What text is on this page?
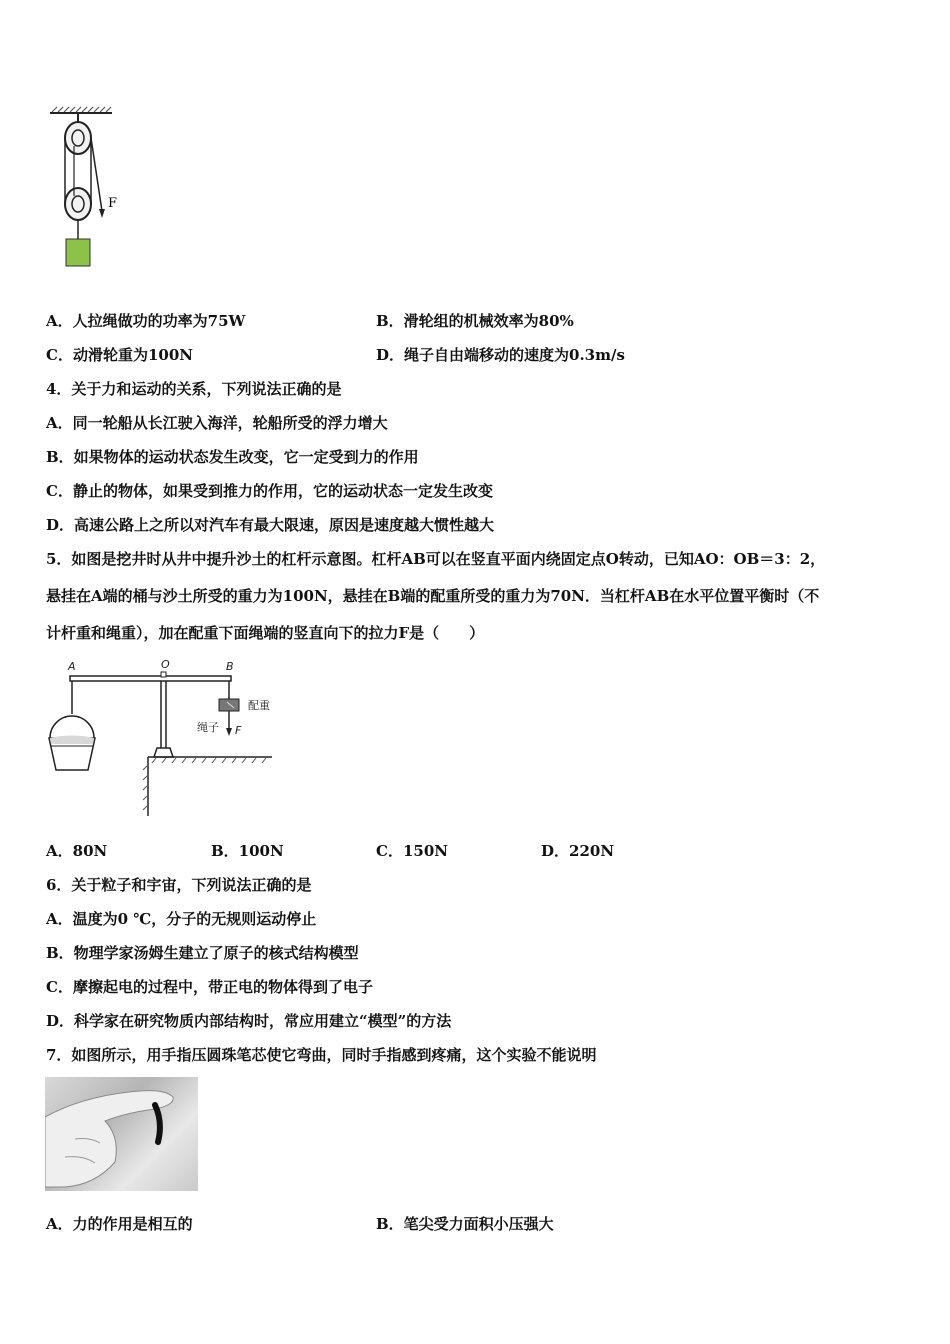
F
A．人拉绳做功的功率为75W	B．滑轮组的机械效率为80%
C．动滑轮重为100N	D．绳子自由端移动的速度为0.3m/s
4．关于力和运动的关系，下列说法正确的是
A．同一轮船从长江驶入海洋，轮船所受的浮力增大
B．如果物体的运动状态发生改变，它一定受到力的作用
C．静止的物体，如果受到推力的作用，它的运动状态一定发生改变
D．高速公路上之所以对汽车有最大限速，原因是速度越大惯性越大
5．如图是挖井时从井中提升沙土的杠杆示意图。杠杆AB可以在竖直平面内绕固定点O转动，已知AO：OB＝3：2，
悬挂在A端的桶与沙土所受的重力为100N，悬挂在B端的配重所受的重力为70N．当杠杆AB在水平位置平衡时（不
计杆重和绳重），加在配重下面绳端的竖直向下的拉力F是（　　）
A	O	B
配重
绳子 F
A．80N	B．100N	C．150N	D．220N
6．关于粒子和宇宙，下列说法正确的是
A．温度为0 ℃，分子的无规则运动停止
B．物理学家汤姆生建立了原子的核式结构模型
C．摩擦起电的过程中，带正电的物体得到了电子
D．科学家在研究物质内部结构时，常应用建立“模型”的方法
7．如图所示，用手指压圆珠笔芯使它弯曲，同时手指感到疼痛，这个实验不能说明
A．力的作用是相互的	B．笔尖受力面积小压强大
